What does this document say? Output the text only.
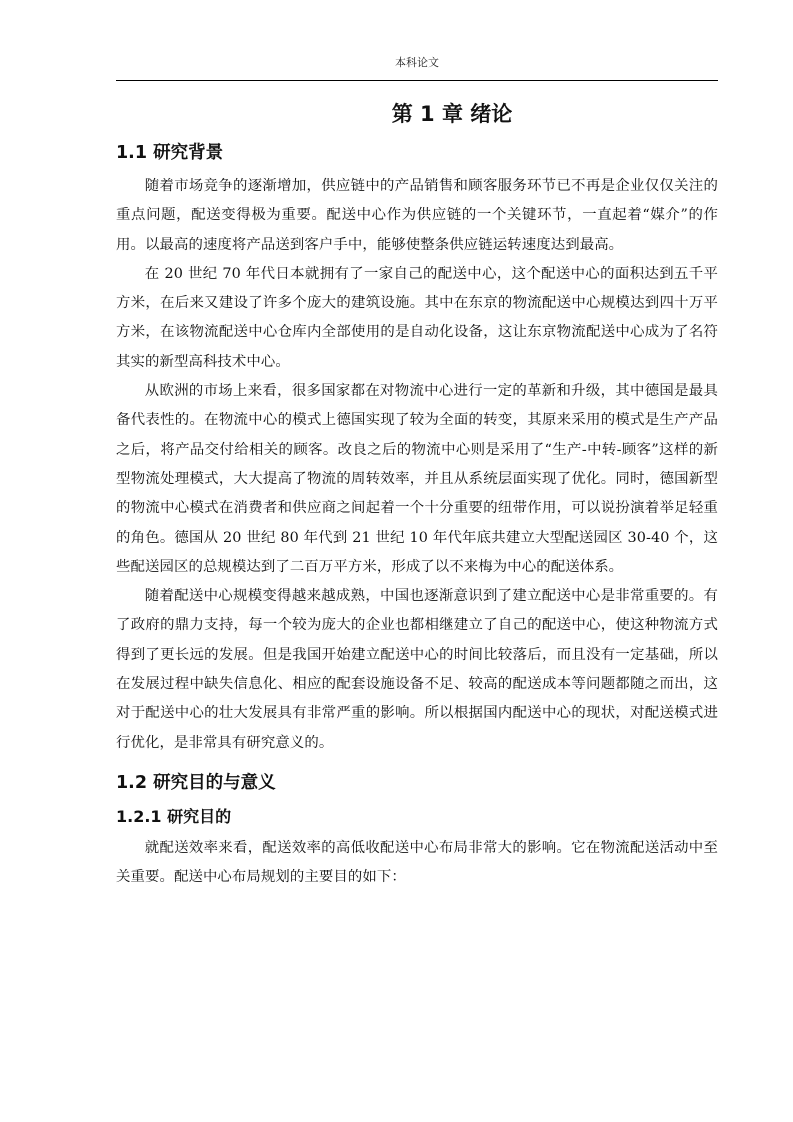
本科论文
第 1 章 绪论
1.1 研究背景

随着市场竞争的逐渐增加，供应链中的产品销售和顾客服务环节已不再是企业仅仅关注的重点问题，配送变得极为重要。配送中心作为供应链的一个关键环节，一直起着“媒介”的作用。以最高的速度将产品送到客户手中，能够使整条供应链运转速度达到最高。

在 20 世纪 70 年代日本就拥有了一家自己的配送中心，这个配送中心的面积达到五千平方米，在后来又建设了许多个庞大的建筑设施。其中在东京的物流配送中心规模达到四十万平方米，在该物流配送中心仓库内全部使用的是自动化设备，这让东京物流配送中心成为了名符其实的新型高科技术中心。

从欧洲的市场上来看，很多国家都在对物流中心进行一定的革新和升级，其中德国是最具备代表性的。在物流中心的模式上德国实现了较为全面的转变，其原来采用的模式是生产产品之后，将产品交付给相关的顾客。改良之后的物流中心则是采用了“生产-中转-顾客”这样的新型物流处理模式，大大提高了物流的周转效率，并且从系统层面实现了优化。同时，德国新型的物流中心模式在消费者和供应商之间起着一个十分重要的纽带作用，可以说扮演着举足轻重的角色。德国从 20 世纪 80 年代到 21 世纪 10 年代年底共建立大型配送园区 30-40 个，这些配送园区的总规模达到了二百万平方米，形成了以不来梅为中心的配送体系。

随着配送中心规模变得越来越成熟，中国也逐渐意识到了建立配送中心是非常重要的。有了政府的鼎力支持，每一个较为庞大的企业也都相继建立了自己的配送中心，使这种物流方式得到了更长远的发展。但是我国开始建立配送中心的时间比较落后，而且没有一定基础，所以在发展过程中缺失信息化、相应的配套设施设备不足、较高的配送成本等问题都随之而出，这对于配送中心的壮大发展具有非常严重的影响。所以根据国内配送中心的现状，对配送模式进行优化，是非常具有研究意义的。

1.2 研究目的与意义
1.2.1 研究目的

就配送效率来看，配送效率的高低收配送中心布局非常大的影响。它在物流配送活动中至关重要。配送中心布局规划的主要目的如下：
